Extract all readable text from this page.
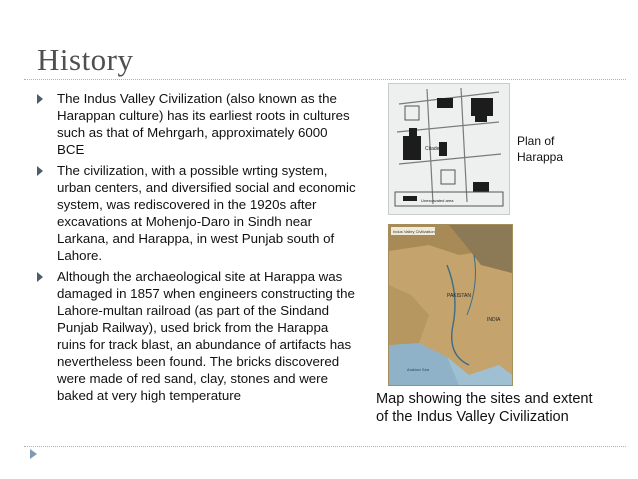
History
The Indus Valley Civilization (also known as the Harappan culture) has its earliest roots in cultures such as that of Mehrgarh, approximately 6000 BCE
The civilization, with a possible wrting system, urban centers, and diversified social and economic system, was rediscovered in the 1920s after excavations at Mohenjo-Daro in Sindh near Larkana, and Harappa, in west Punjab south of Lahore.
Although the archaeological site at Harappa was damaged in 1857 when engineers constructing the Lahore-multan railroad (as part of the Sindand Punjab Railway), used brick from the Harappa ruins for track blast, an abundance of artifacts has nevertheless been found. The bricks discovered were made of red sand, clay, stones and were baked at very high temperature
Citadel
Unexcavated area
Plan of Harappa
Indus Valley Civilization
PAKISTAN
INDIA
Arabian Sea
Map showing the sites and extent of the Indus Valley Civilization
